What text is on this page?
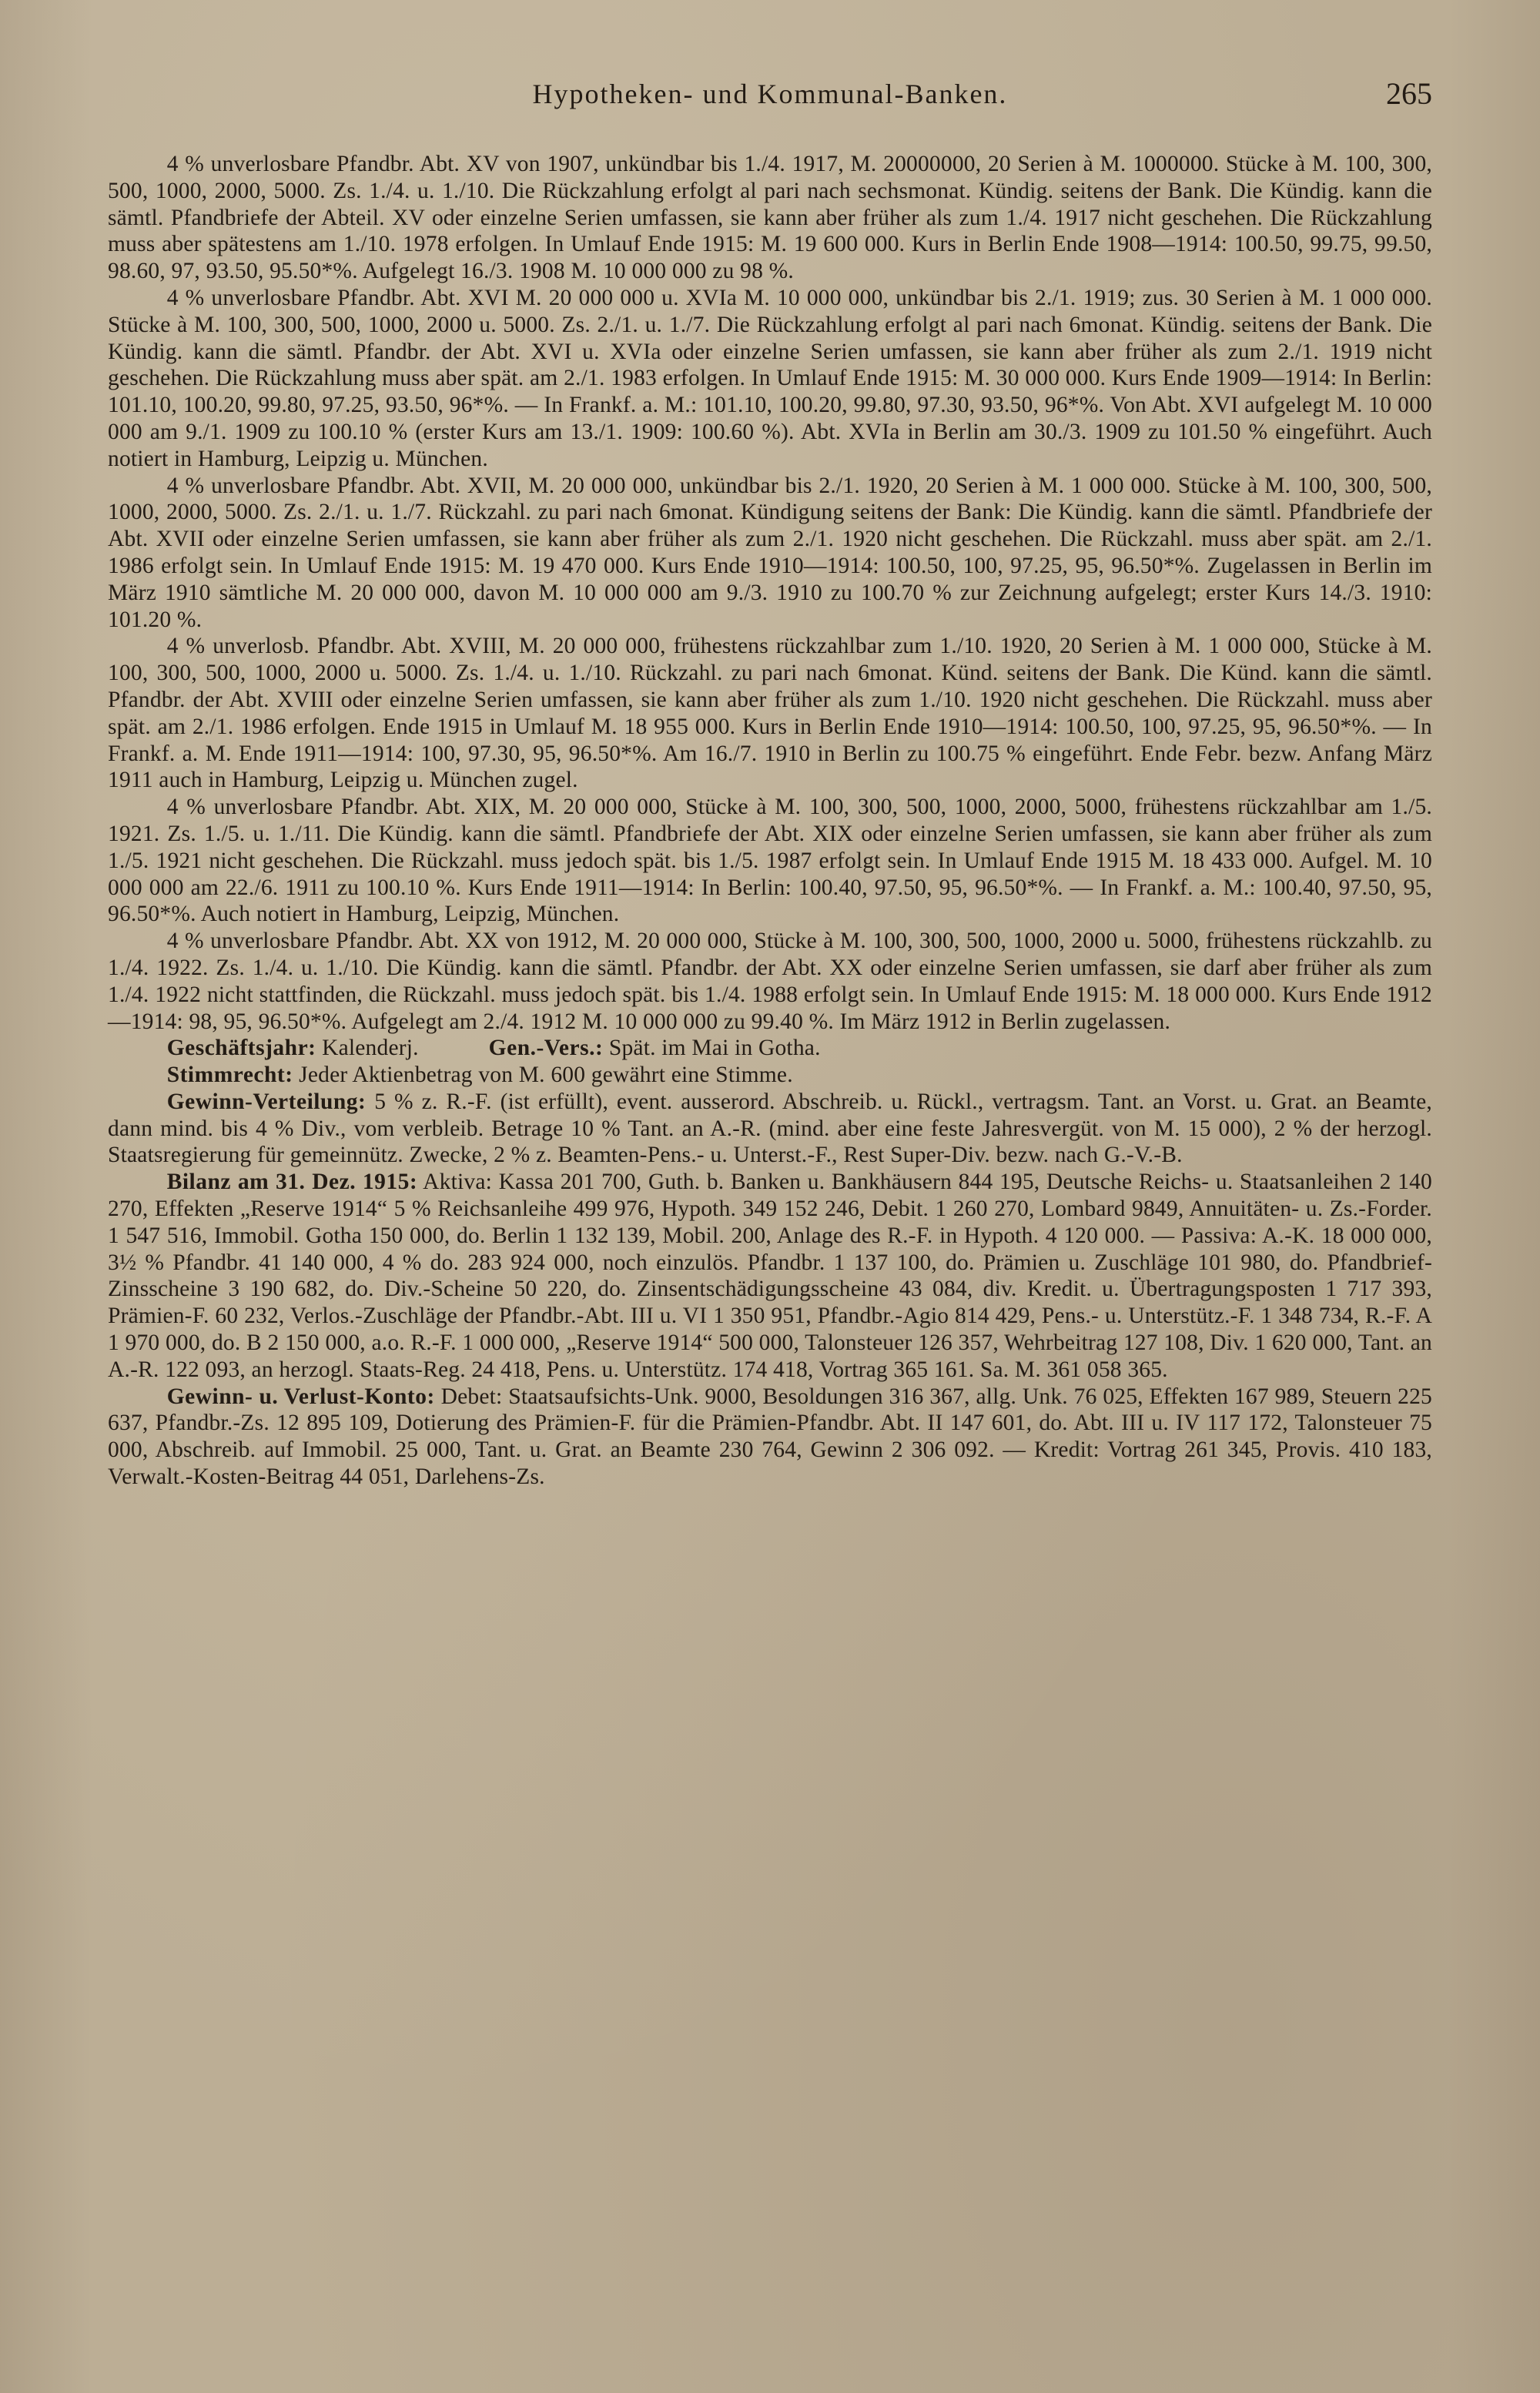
Hypotheken- und Kommunal-Banken.	265

4 % unverlosbare Pfandbr. Abt. XV von 1907, unkündbar bis 1./4. 1917, M. 20000000, 20 Serien à M. 1000000. Stücke à M. 100, 300, 500, 1000, 2000, 5000. Zs. 1./4. u. 1./10. Die Rückzahlung erfolgt al pari nach sechsmonat. Kündig. seitens der Bank. Die Kündig. kann die sämtl. Pfandbriefe der Abteil. XV oder einzelne Serien umfassen, sie kann aber früher als zum 1./4. 1917 nicht geschehen. Die Rückzahlung muss aber spätestens am 1./10. 1978 erfolgen. In Umlauf Ende 1915: M. 19 600 000. Kurs in Berlin Ende 1908—1914: 100.50, 99.75, 99.50, 98.60, 97, 93.50, 95.50*%. Aufgelegt 16./3. 1908 M. 10 000 000 zu 98 %.

4 % unverlosbare Pfandbr. Abt. XVI M. 20 000 000 u. XVIa M. 10 000 000, unkündbar bis 2./1. 1919; zus. 30 Serien à M. 1 000 000. Stücke à M. 100, 300, 500, 1000, 2000 u. 5000. Zs. 2./1. u. 1./7. Die Rückzahlung erfolgt al pari nach 6monat. Kündig. seitens der Bank. Die Kündig. kann die sämtl. Pfandbr. der Abt. XVI u. XVIa oder einzelne Serien umfassen, sie kann aber früher als zum 2./1. 1919 nicht geschehen. Die Rückzahlung muss aber spät. am 2./1. 1983 erfolgen. In Umlauf Ende 1915: M. 30 000 000. Kurs Ende 1909—1914: In Berlin: 101.10, 100.20, 99.80, 97.25, 93.50, 96*%. — In Frankf. a. M.: 101.10, 100.20, 99.80, 97.30, 93.50, 96*%. Von Abt. XVI aufgelegt M. 10 000 000 am 9./1. 1909 zu 100.10 % (erster Kurs am 13./1. 1909: 100.60 %). Abt. XVIa in Berlin am 30./3. 1909 zu 101.50 % eingeführt. Auch notiert in Hamburg, Leipzig u. München.

4 % unverlosbare Pfandbr. Abt. XVII, M. 20 000 000, unkündbar bis 2./1. 1920, 20 Serien à M. 1 000 000. Stücke à M. 100, 300, 500, 1000, 2000, 5000. Zs. 2./1. u. 1./7. Rückzahl. zu pari nach 6monat. Kündigung seitens der Bank: Die Kündig. kann die sämtl. Pfandbriefe der Abt. XVII oder einzelne Serien umfassen, sie kann aber früher als zum 2./1. 1920 nicht geschehen. Die Rückzahl. muss aber spät. am 2./1. 1986 erfolgt sein. In Umlauf Ende 1915: M. 19 470 000. Kurs Ende 1910—1914: 100.50, 100, 97.25, 95, 96.50*%. Zugelassen in Berlin im März 1910 sämtliche M. 20 000 000, davon M. 10 000 000 am 9./3. 1910 zu 100.70 % zur Zeichnung aufgelegt; erster Kurs 14./3. 1910: 101.20 %.

4 % unverlosb. Pfandbr. Abt. XVIII, M. 20 000 000, frühestens rückzahlbar zum 1./10. 1920, 20 Serien à M. 1 000 000, Stücke à M. 100, 300, 500, 1000, 2000 u. 5000. Zs. 1./4. u. 1./10. Rückzahl. zu pari nach 6monat. Künd. seitens der Bank. Die Künd. kann die sämtl. Pfandbr. der Abt. XVIII oder einzelne Serien umfassen, sie kann aber früher als zum 1./10. 1920 nicht geschehen. Die Rückzahl. muss aber spät. am 2./1. 1986 erfolgen. Ende 1915 in Umlauf M. 18 955 000. Kurs in Berlin Ende 1910—1914: 100.50, 100, 97.25, 95, 96.50*%. — In Frankf. a. M. Ende 1911—1914: 100, 97.30, 95, 96.50*%. Am 16./7. 1910 in Berlin zu 100.75 % eingeführt. Ende Febr. bezw. Anfang März 1911 auch in Hamburg, Leipzig u. München zugel.

4 % unverlosbare Pfandbr. Abt. XIX, M. 20 000 000, Stücke à M. 100, 300, 500, 1000, 2000, 5000, frühestens rückzahlbar am 1./5. 1921. Zs. 1./5. u. 1./11. Die Kündig. kann die sämtl. Pfandbriefe der Abt. XIX oder einzelne Serien umfassen, sie kann aber früher als zum 1./5. 1921 nicht geschehen. Die Rückzahl. muss jedoch spät. bis 1./5. 1987 erfolgt sein. In Umlauf Ende 1915 M. 18 433 000. Aufgel. M. 10 000 000 am 22./6. 1911 zu 100.10 %. Kurs Ende 1911—1914: In Berlin: 100.40, 97.50, 95, 96.50*%. — In Frankf. a. M.: 100.40, 97.50, 95, 96.50*%. Auch notiert in Hamburg, Leipzig, München.

4 % unverlosbare Pfandbr. Abt. XX von 1912, M. 20 000 000, Stücke à M. 100, 300, 500, 1000, 2000 u. 5000, frühestens rückzahlb. zu 1./4. 1922. Zs. 1./4. u. 1./10. Die Kündig. kann die sämtl. Pfandbr. der Abt. XX oder einzelne Serien umfassen, sie darf aber früher als zum 1./4. 1922 nicht stattfinden, die Rückzahl. muss jedoch spät. bis 1./4. 1988 erfolgt sein. In Umlauf Ende 1915: M. 18 000 000. Kurs Ende 1912—1914: 98, 95, 96.50*%. Aufgelegt am 2./4. 1912 M. 10 000 000 zu 99.40 %. Im März 1912 in Berlin zugelassen.

Geschäftsjahr: Kalenderj.	Gen.-Vers.: Spät. im Mai in Gotha.

Stimmrecht: Jeder Aktienbetrag von M. 600 gewährt eine Stimme.

Gewinn-Verteilung: 5 % z. R.-F. (ist erfüllt), event. ausserord. Abschreib. u. Rückl., vertragsm. Tant. an Vorst. u. Grat. an Beamte, dann mind. bis 4 % Div., vom verbleib. Betrage 10 % Tant. an A.-R. (mind. aber eine feste Jahresvergüt. von M. 15 000), 2 % der herzogl. Staatsregierung für gemeinnütz. Zwecke, 2 % z. Beamten-Pens.- u. Unterst.-F., Rest Super-Div. bezw. nach G.-V.-B.

Bilanz am 31. Dez. 1915: Aktiva: Kassa 201 700, Guth. b. Banken u. Bankhäusern 844 195, Deutsche Reichs- u. Staatsanleihen 2 140 270, Effekten „Reserve 1914“ 5 % Reichsanleihe 499 976, Hypoth. 349 152 246, Debit. 1 260 270, Lombard 9849, Annuitäten- u. Zs.-Forder. 1 547 516, Immobil. Gotha 150 000, do. Berlin 1 132 139, Mobil. 200, Anlage des R.-F. in Hypoth. 4 120 000. — Passiva: A.-K. 18 000 000, 3½ % Pfandbr. 41 140 000, 4 % do. 283 924 000, noch einzulös. Pfandbr. 1 137 100, do. Prämien u. Zuschläge 101 980, do. Pfandbrief-Zinsscheine 3 190 682, do. Div.-Scheine 50 220, do. Zinsentschädigungsscheine 43 084, div. Kredit. u. Übertragungsposten 1 717 393, Prämien-F. 60 232, Verlos.-Zuschläge der Pfandbr.-Abt. III u. VI 1 350 951, Pfandbr.-Agio 814 429, Pens.- u. Unterstütz.-F. 1 348 734, R.-F. A 1 970 000, do. B 2 150 000, a.o. R.-F. 1 000 000, „Reserve 1914“ 500 000, Talonsteuer 126 357, Wehrbeitrag 127 108, Div. 1 620 000, Tant. an A.-R. 122 093, an herzogl. Staats-Reg. 24 418, Pens. u. Unterstütz. 174 418, Vortrag 365 161. Sa. M. 361 058 365.

Gewinn- u. Verlust-Konto: Debet: Staatsaufsichts-Unk. 9000, Besoldungen 316 367, allg. Unk. 76 025, Effekten 167 989, Steuern 225 637, Pfandbr.-Zs. 12 895 109, Dotierung des Prämien-F. für die Prämien-Pfandbr. Abt. II 147 601, do. Abt. III u. IV 117 172, Talonsteuer 75 000, Abschreib. auf Immobil. 25 000, Tant. u. Grat. an Beamte 230 764, Gewinn 2 306 092. — Kredit: Vortrag 261 345, Provis. 410 183, Verwalt.-Kosten-Beitrag 44 051, Darlehens-Zs.
